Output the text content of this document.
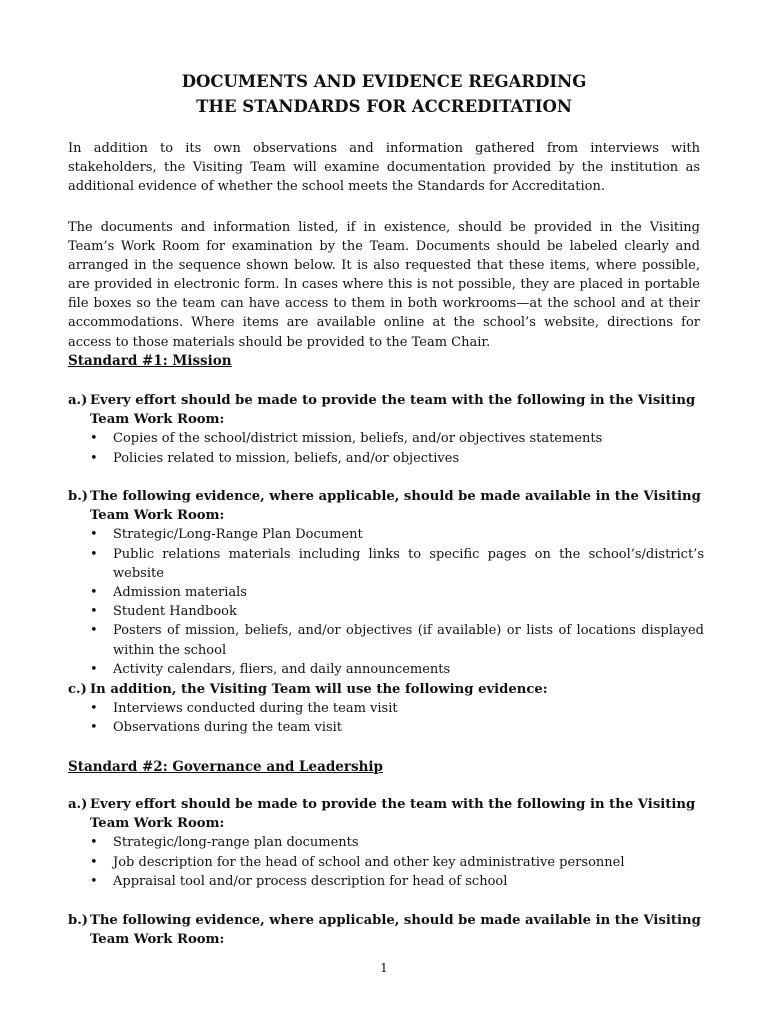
DOCUMENTS AND EVIDENCE REGARDING
THE STANDARDS FOR ACCREDITATION

In addition to its own observations and information gathered from interviews with stakeholders, the Visiting Team will examine documentation provided by the institution as additional evidence of whether the school meets the Standards for Accreditation.

The documents and information listed, if in existence, should be provided in the Visiting Team’s Work Room for examination by the Team. Documents should be labeled clearly and arranged in the sequence shown below. It is also requested that these items, where possible, are provided in electronic form. In cases where this is not possible, they are placed in portable file boxes so the team can have access to them in both workrooms—at the school and at their accommodations. Where items are available online at the school’s website, directions for access to those materials should be provided to the Team Chair.

Standard #1: Mission

a.) Every effort should be made to provide the team with the following in the Visiting Team Work Room:
•	Copies of the school/district mission, beliefs, and/or objectives statements
•	Policies related to mission, beliefs, and/or objectives
b.) The following evidence, where applicable, should be made available in the Visiting Team Work Room:
•	Strategic/Long-Range Plan Document
•	Public relations materials including links to specific pages on the school’s/district’s website
•	Admission materials
•	Student Handbook
•	Posters of mission, beliefs, and/or objectives (if available) or lists of locations displayed within the school
•	Activity calendars, fliers, and daily announcements
c.) In addition, the Visiting Team will use the following evidence:
•	Interviews conducted during the team visit
•	Observations during the team visit

Standard #2: Governance and Leadership

a.) Every effort should be made to provide the team with the following in the Visiting Team Work Room:
•	Strategic/long-range plan documents
•	Job description for the head of school and other key administrative personnel
•	Appraisal tool and/or process description for head of school
b.) The following evidence, where applicable, should be made available in the Visiting Team Work Room:
1
